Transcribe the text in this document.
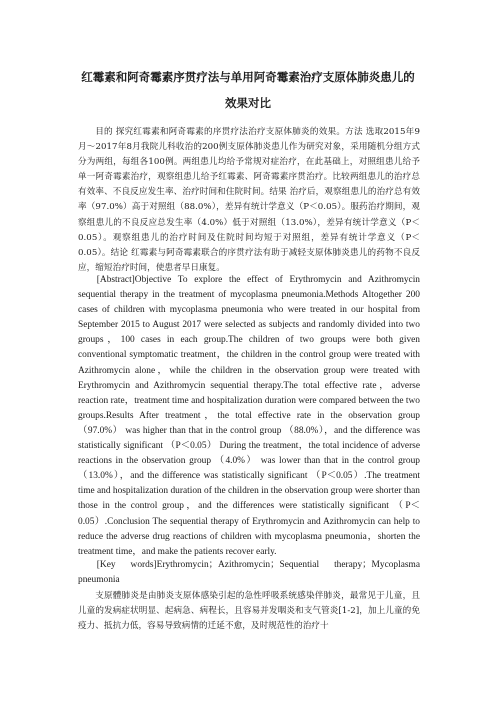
红霉素和阿奇霉素序贯疗法与单用阿奇霉素治疗支原体肺炎患儿的
效果对比
目的 探究红霉素和阿奇霉素的序贯疗法治疗支原体肺炎的效果。方法 选取2015年9月～2017年8月我院儿科收治的200例支原体肺炎患儿作为研究对象，采用随机分组方式分为两组，每组各100例。两组患儿均给予常规对症治疗，在此基础上，对照组患儿给予单一阿奇霉素治疗，观察组患儿给予红霉素、阿奇霉素序贯治疗。比较两组患儿的治疗总有效率、不良反应发生率、治疗时间和住院时间。结果 治疗后，观察组患儿的治疗总有效率（97.0%）高于对照组（88.0%），差异有统计学意义（P＜0.05）。服药治疗期间，观察组患儿的不良反应总发生率（4.0%）低于对照组（13.0%），差异有统计学意义（P＜0.05）。观察组患儿的治疗时间及住院时间均短于对照组，差异有统计学意义（P＜0.05）。结论 红霉素与阿奇霉素联合的序贯疗法有助于减轻支原体肺炎患儿的药物不良反应，缩短治疗时间，使患者早日康复。
[Abstract]Objective To explore the effect of Erythromycin and Azithromycin sequential therapy in the treatment of mycoplasma pneumonia.Methods Altogether 200 cases of children with mycoplasma pneumonia who were treated in our hospital from September 2015 to August 2017 were selected as subjects and randomly divided into two groups，100 cases in each group.The children of two groups were both given conventional symptomatic treatment，the children in the control group were treated with Azithromycin alone，while the children in the observation group were treated with Erythromycin and Azithromycin sequential therapy.The total effective rate，adverse reaction rate，treatment time and hospitalization duration were compared between the two groups.Results After treatment，the total effective rate in the observation group （97.0%） was higher than that in the control group （88.0%），and the difference was statistically significant （P＜0.05） During the treatment，the total incidence of adverse reactions in the observation group （4.0%） was lower than that in the control group （13.0%），and the difference was statistically significant （P＜0.05）.The treatment time and hospitalization duration of the children in the observation group were shorter than those in the control group，and the differences were statistically significant （P＜0.05）.Conclusion The sequential therapy of Erythromycin and Azithromycin can help to reduce the adverse drug reactions of children with mycoplasma pneumonia，shorten the treatment time，and make the patients recover early.
[Key words]Erythromycin；Azithromycin；Sequential therapy；Mycoplasma pneumonia
支原體肺炎是由肺炎支原体感染引起的急性呼吸系统感染伴肺炎，最常见于儿童，且儿童的发病症状明显、起病急、病程长，且容易并发咽炎和支气管炎[1-2]，加上儿童的免疫力、抵抗力低，容易导致病情的迁延不愈，及时规范性的治疗十
